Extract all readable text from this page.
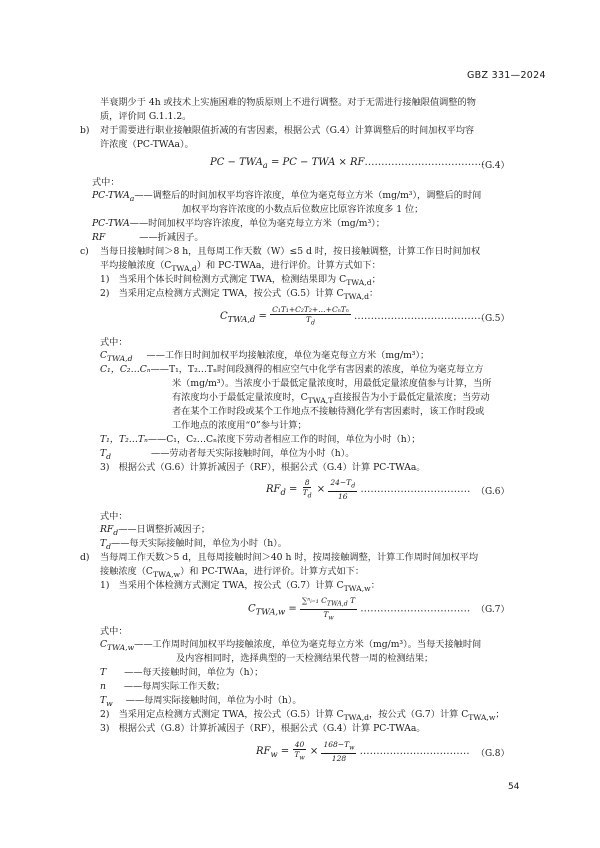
GBZ 331—2024
半衰期少于 4h 或技术上实施困难的物质原则上不进行调整。对于无需进行接触限值调整的物
质，评价同 G.1.1.2。
b) 对于需要进行职业接触限值折减的有害因素，根据公式（G.4）计算调整后的时间加权平均容
许浓度（PC-TWAa）。
PC − $TWA_a$ = PC − TWA × RF………………………………
（G.4）
式中：
$PC-TWA_a——$调整后的时间加权平均容许浓度，单位为毫克每立方米（mg/m³），调整后的时间
加权平均容许浓度的小数点后位数应比原容许浓度多 1 位；
PC-TWA——时间加权平均容许浓度，单位为毫克每立方米（mg/m³）；
RF	——折减因子。
c) 当每日接触时间＞8 h，且每周工作天数（W）≤5 d 时，按日接触调整，计算工作日时间加权
平均接触浓度$(C_{TWA,d})$和 PC-TWAa，进行评价。计算方式如下：
1)　当采用个体长时间检测方式测定 TWA，检测结果即为 $C_{TWA,d}$；
2)　当采用定点检测方式测定 TWA，按公式（G.5）计算 $C_{TWA,d}$：
$C_{TWA,d} = \frac{\text{C₁T₁+C₂T₂+…+CₙTₙ}}{T_d}$ …………………………………
（G.5）
式中：
$C_{TWA,d}$ ——工作日时间加权平均接触浓度，单位为毫克每立方米（mg/m³）；
C₁，C₂…Cₙ——T₁，T₂…Tₙ时间段测得的相应空气中化学有害因素的浓度，单位为毫克每立方
米（mg/m³）。当浓度小于最低定量浓度时，用最低定量浓度值参与计算，当所
有浓度均小于最低定量浓度时，$C_{TWA,T}$直接报告为小于最低定量浓度；当劳动
者在某个工作时段或某个工作地点不接触待测化学有害因素时，该工作时段或
工作地点的浓度用“0”参与计算；
T₁，T₂…Tₙ——C₁，C₂…Cₙ浓度下劳动者相应工作的时间，单位为小时（h）；
$T_d$	——劳动者每天实际接触时间，单位为小时（h）。
3)　根据公式（G.6）计算折减因子（RF），根据公式（G.4）计算 PC-TWAa。
$RF_d = \frac{8}{T_d} \times \frac{24-T_d}{16}$ …………………………… （G.6）
式中：
$RF_d——$日调整折减因子；
$T_d——$每天实际接触时间，单位为小时（h）。
d) 当每周工作天数＞5 d，且每周接触时间＞40 h 时，按周接触调整，计算工作周时间加权平均
接触浓度$(C_{TWA,w})$和 PC-TWAa，进行评价。计算方式如下：
1)　当采用个体检测方式测定 TWA，按公式（G.7）计算 $C_{TWA,w}$：
$C_{TWA,w} = \frac{\sum^nᵢ_{=1} C_{TWA,d} T}{T_w}$ …………………………… （G.7）
式中：
$C_{TWA,w}——$工作周时间加权平均接触浓度，单位为毫克每立方米（mg/m³）。当每天接触时间
及内容相同时，选择典型的一天检测结果代替一周的检测结果；
T ——每天接触时间，单位为（h）；
n ——每周实际工作天数；
$T_w$ ——每周实际接触时间，单位为小时（h）。
2)　当采用定点检测方式测定 TWA，按公式（G.5）计算 $C_{TWA,d}$，按公式（G.7）计算 $C_{TWA,w}$；
3)　根据公式（G.8）计算折减因子（RF），根据公式（G.4）计算 PC-TWAa。
$RF_w = \frac{40}{T_w} \times \frac{168-T_w}{128}$ …………………………… （G.8）
54
